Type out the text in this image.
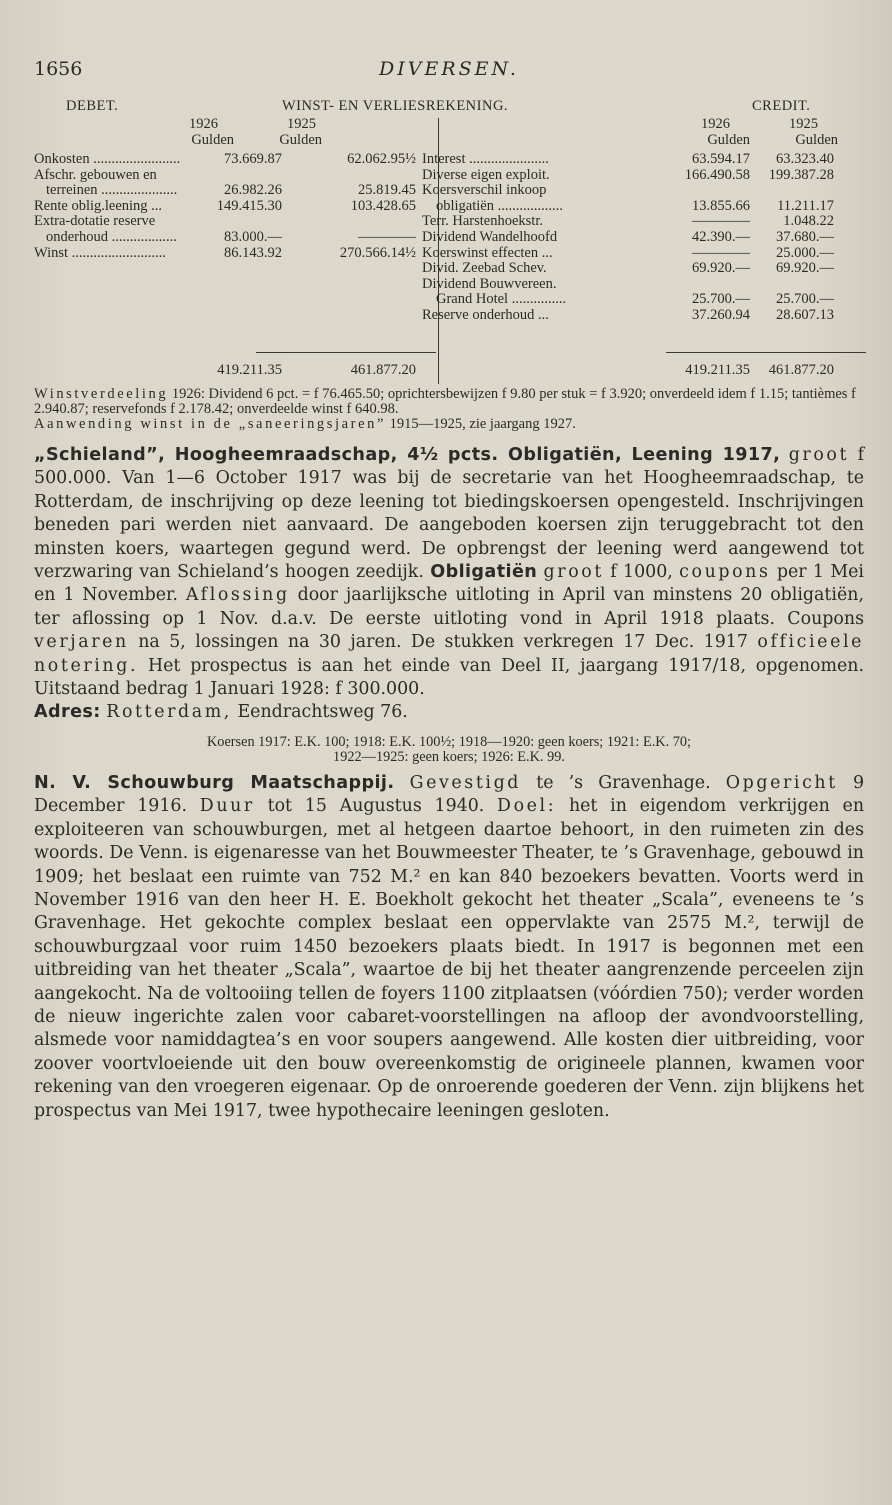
1656	DIVERSEN.
DEBET.	WINST- EN VERLIESREKENING.	CREDIT.
1926	1925	1926	1925
Gulden	Gulden	Gulden	Gulden
Onkosten ........................	73.669.87	62.062.95½
Afschr. gebouwen en
terreinen .....................	26.982.26	25.819.45
Rente oblig.leening ...	149.415.30	103.428.65
Extra-dotatie reserve
onderhoud ..................	83.000.—	————
Winst ..........................	86.143.92	270.566.14½
Interest ......................	63.594.17 63.323.40
Diverse eigen exploit.	166.490.58 199.387.28
Koersverschil inkoop
obligatiën ..................	13.855.66 11.211.17
Terr. Harstenhoekstr.	———— 1.048.22
Dividend Wandelhoofd	42.390.— 37.680.—
Koerswinst effecten ...	———— 25.000.—
Divid. Zeebad Schev.	69.920.— 69.920.—
Dividend Bouwvereen.
Grand Hotel ...............	25.700.— 25.700.—
Reserve onderhoud ...	37.260.94 28.607.13
419.211.35	461.877.20	419.211.35 461.877.20

Winstverdeeling 1926: Dividend 6 pct. = f 76.465.50; oprichtersbewijzen f 9.80 per stuk = f 3.920; onverdeeld idem f 1.15; tantièmes f 2.940.87; reservefonds f 2.178.42; onverdeelde winst f 640.98.

Aanwending winst in de „saneeringsjaren” 1915—1925, zie jaargang 1927.

„Schieland”, Hoogheemraadschap, 4½ pcts. Obligatiën, Leening 1917, groot f 500.000. Van 1—6 October 1917 was bij de secretarie van het Hoogheemraadschap, te Rotterdam, de inschrijving op deze leening tot biedingskoersen opengesteld. Inschrijvingen beneden pari werden niet aanvaard. De aangeboden koersen zijn teruggebracht tot den minsten koers, waartegen gegund werd. De opbrengst der leening werd aangewend tot verzwaring van Schieland’s hoogen zeedijk. Obligatiën groot f 1000, coupons per 1 Mei en 1 November. Aflossing door jaarlijksche uitloting in April van minstens 20 obligatiën, ter aflossing op 1 Nov. d.a.v. De eerste uitloting vond in April 1918 plaats. Coupons verjaren na 5, lossingen na 30 jaren. De stukken verkregen 17 Dec. 1917 officieele notering. Het prospectus is aan het einde van Deel II, jaargang 1917/18, opgenomen. Uitstaand bedrag 1 Januari 1928: f 300.000.

Adres: Rotterdam, Eendrachtsweg 76.

Koersen 1917: E.K. 100; 1918: E.K. 100½; 1918—1920: geen koers; 1921: E.K. 70;
1922—1925: geen koers; 1926: E.K. 99.

N. V. Schouwburg Maatschappij. Gevestigd te ’s Gravenhage. Opgericht 9 December 1916. Duur tot 15 Augustus 1940. Doel: het in eigendom verkrijgen en exploiteeren van schouwburgen, met al hetgeen daartoe behoort, in den ruimeten zin des woords. De Venn. is eigenaresse van het Bouwmeester Theater, te ’s Gravenhage, gebouwd in 1909; het beslaat een ruimte van 752 M.² en kan 840 bezoekers bevatten. Voorts werd in November 1916 van den heer H. E. Boekholt gekocht het theater „Scala”, eveneens te ’s Gravenhage. Het gekochte complex beslaat een oppervlakte van 2575 M.², terwijl de schouwburgzaal voor ruim 1450 bezoekers plaats biedt. In 1917 is begonnen met een uitbreiding van het theater „Scala”, waartoe de bij het theater aangrenzende perceelen zijn aangekocht. Na de voltooiing tellen de foyers 1100 zitplaatsen (vóórdien 750); verder worden de nieuw ingerichte zalen voor cabaret-voorstellingen na afloop der avondvoorstelling, alsmede voor namiddagtea’s en voor soupers aangewend. Alle kosten dier uitbreiding, voor zoover voortvloeiende uit den bouw overeenkomstig de origineele plannen, kwamen voor rekening van den vroegeren eigenaar. Op de onroerende goederen der Venn. zijn blijkens het prospectus van Mei 1917, twee hypothecaire leeningen gesloten.
